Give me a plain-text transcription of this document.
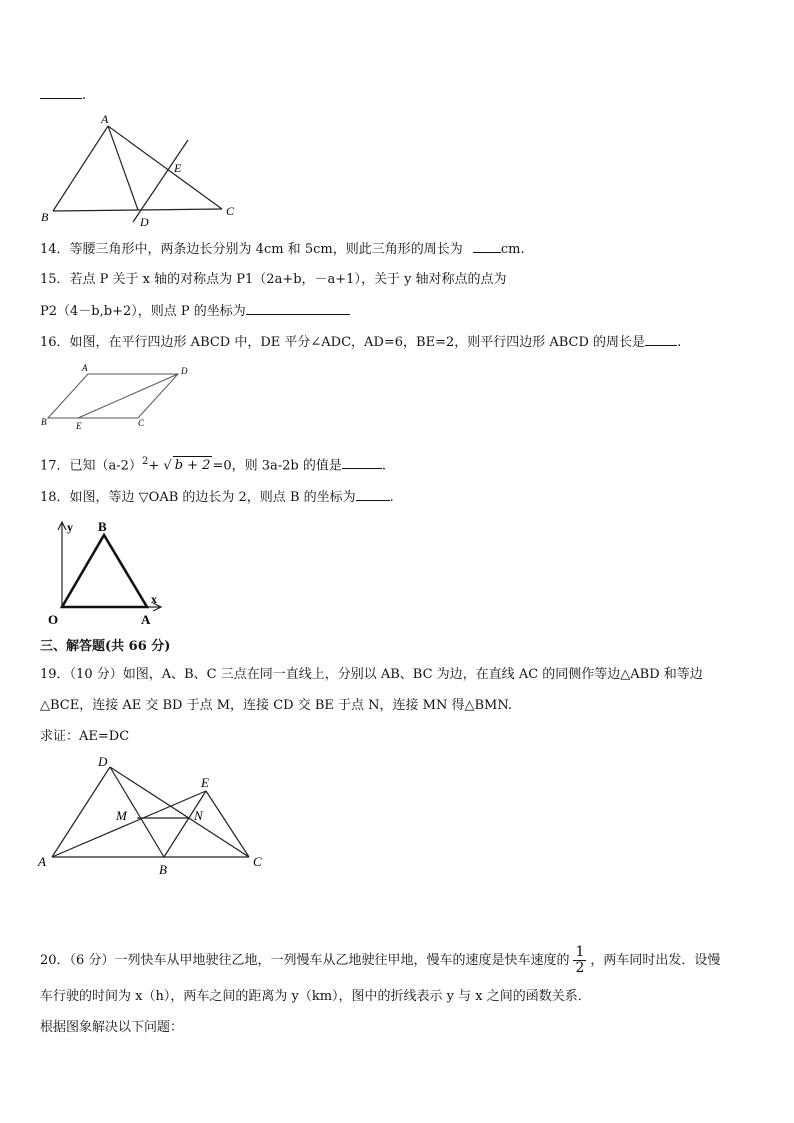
.
A
B	C
D
E
14．等腰三角形中，两条边长分别为 4cm 和 5cm，则此三角形的周长为	cm.
15．若点 P 关于 x 轴的对称点为 P1（2a+b，－a+1），关于 y 轴对称点的点为
P2（4－b,b+2），则点 P 的坐标为
16．如图，在平行四边形 ABCD 中，DE 平分∠ADC，AD=6，BE=2，则平行四边形 ABCD 的周长是 .
A	D
B	E	C
17．已知$(a-2)^2+$ √ b + 2 =0，则 3a-2b 的值是	.
18．如图，等边 ▽OAB 的边长为 2，则点 B 的坐标为	.
y
x
O	A
B
三、解答题(共 66 分)
19．（10 分）如图，A、B、C 三点在同一直线上，分别以 AB、BC 为边，在直线 AC 的同侧作等边△ABD 和等边
△BCE，连接 AE 交 BD 于点 M，连接 CD 交 BE 于点 N，连接 MN 得△BMN.
求证：AE=DC
D
E
M	N
A
B
C
20．（6 分）一列快车从甲地驶往乙地，一列慢车从乙地驶往甲地，慢车的速度是快车速度的 $\frac{1}{2}$ ，两车同时出发．设慢
车行驶的时间为 x（h），两车之间的距离为 y（km），图中的折线表示 y 与 x 之间的函数关系．
根据图象解决以下问题：
